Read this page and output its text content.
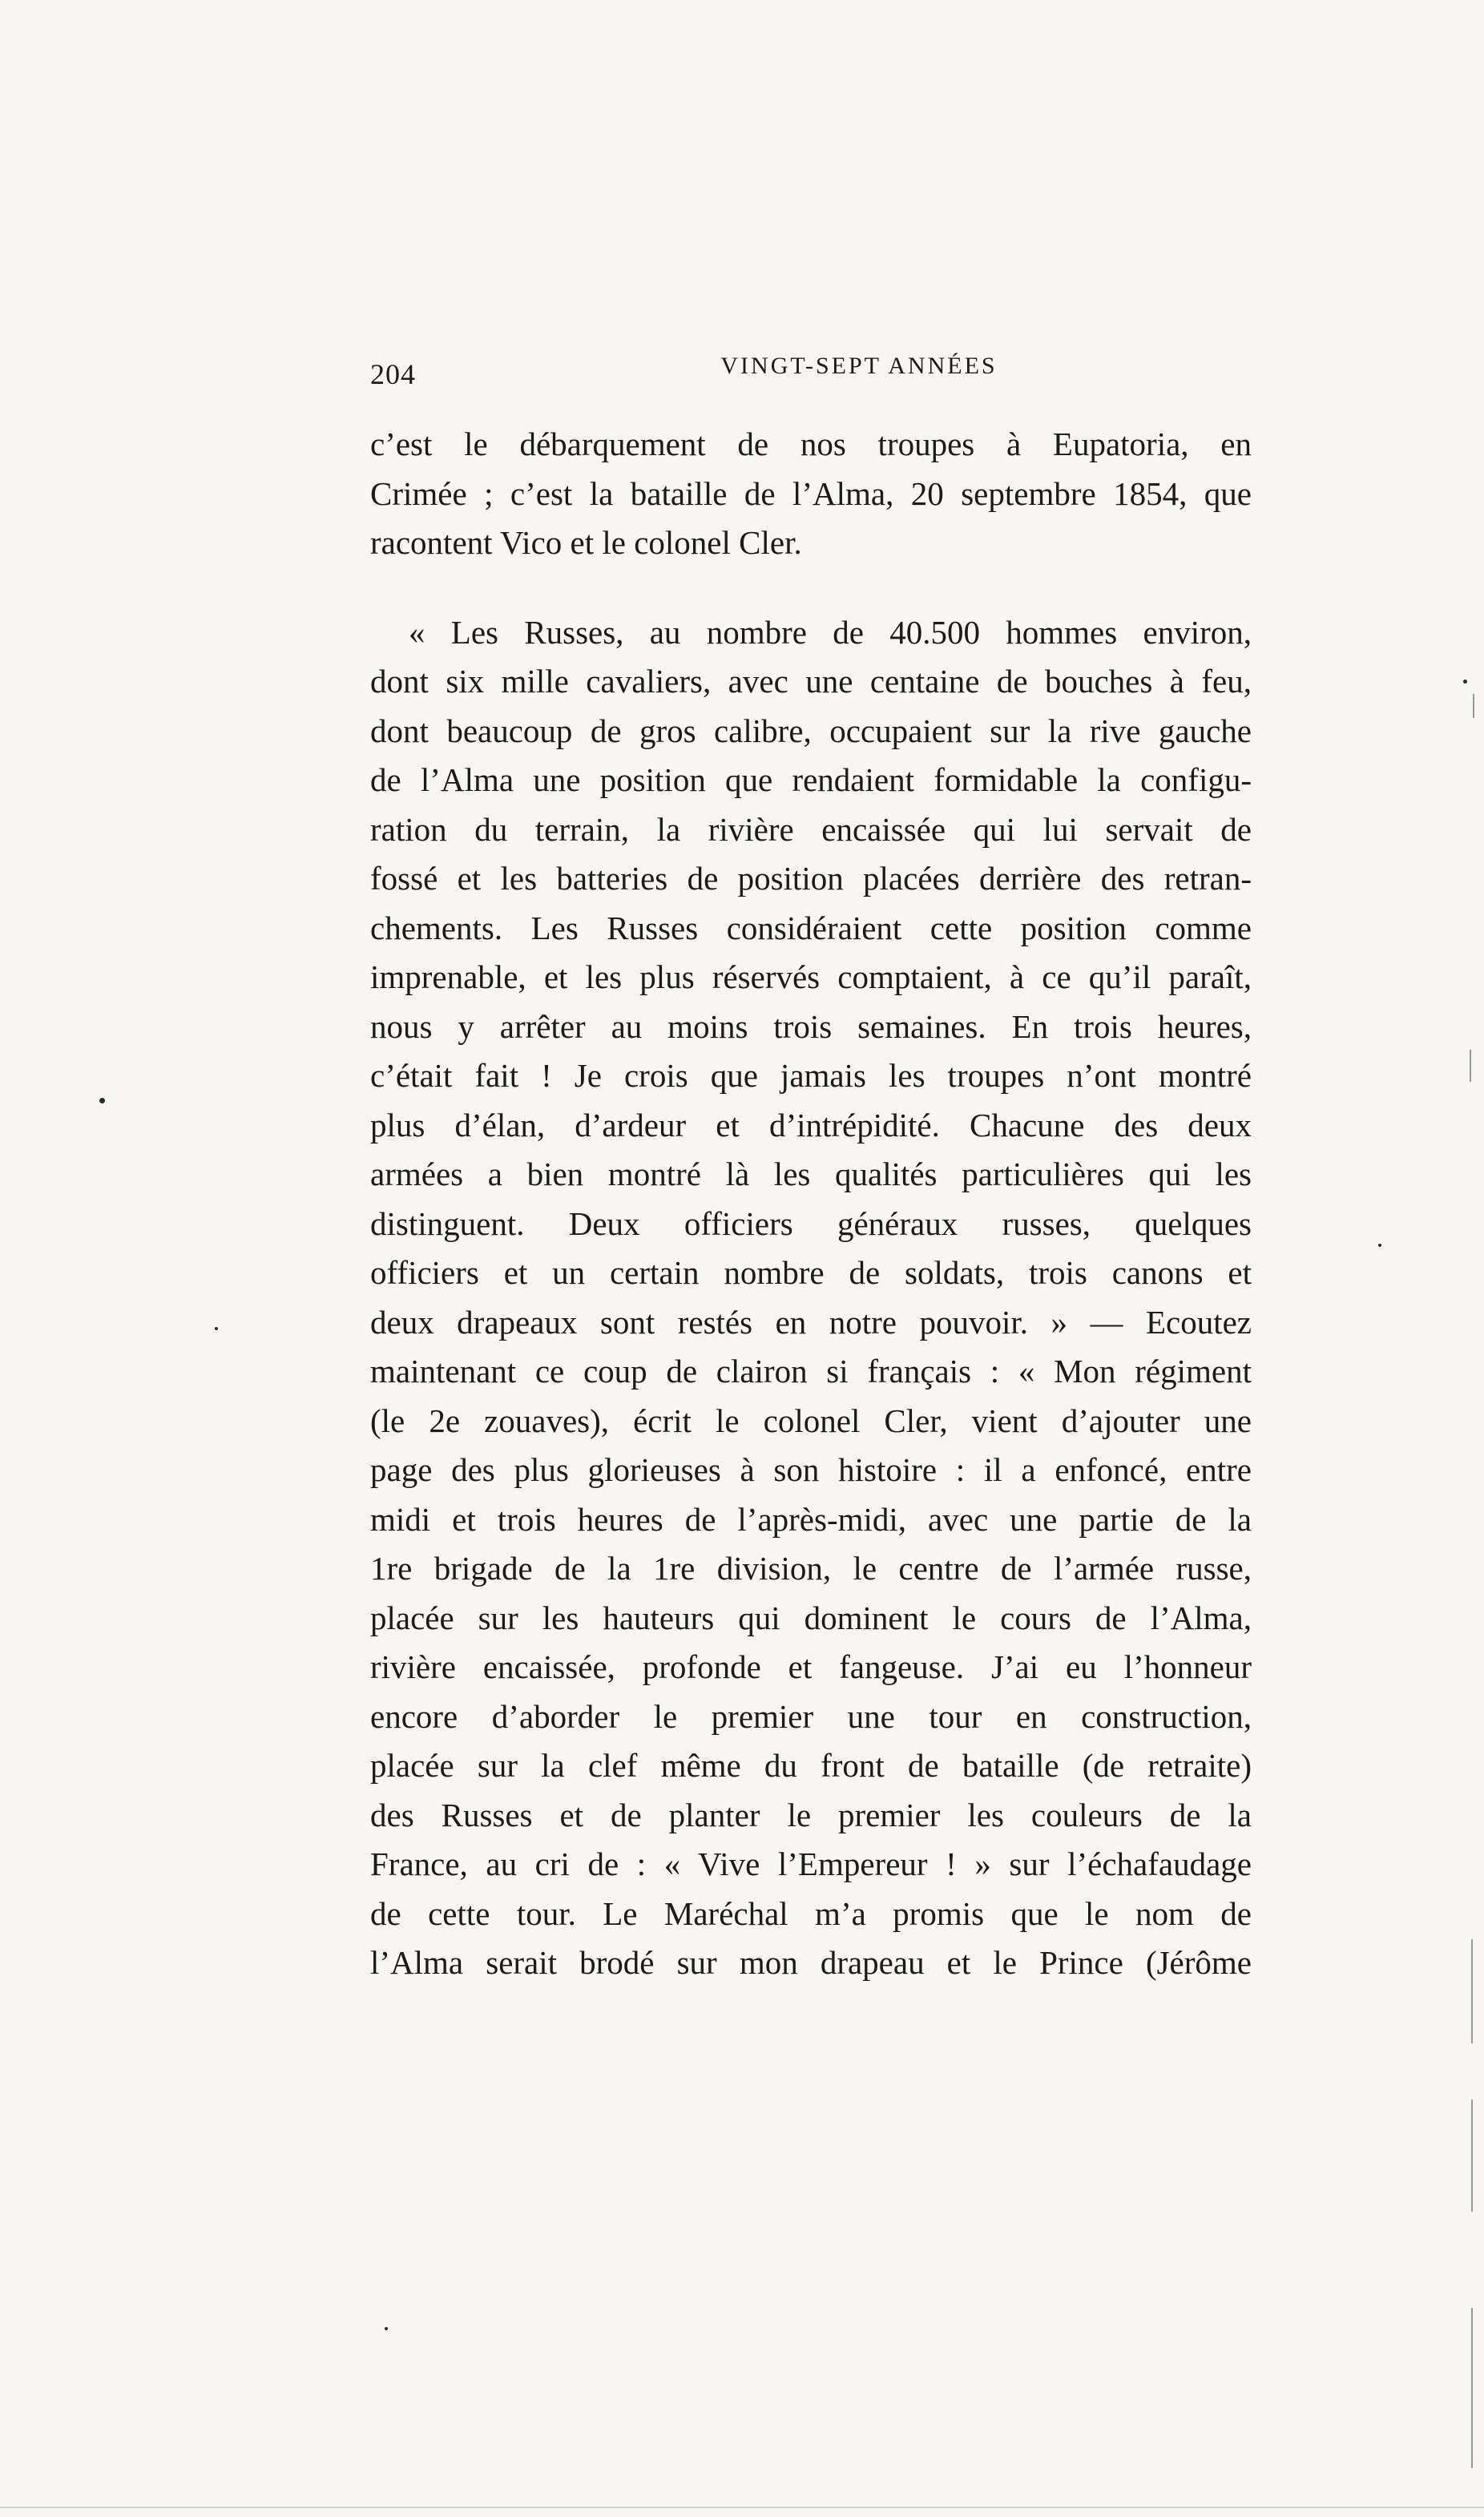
204	VINGT-SEPT ANNÉES
c’est le débarquement de nos troupes à Eupatoria, en
Crimée ; c’est la bataille de l’Alma, 20 septembre 1854, que
racontent Vico et le colonel Cler.
« Les Russes, au nombre de 40.500 hommes environ,
dont six mille cavaliers, avec une centaine de bouches à feu,
dont beaucoup de gros calibre, occupaient sur la rive gauche
de l’Alma une position que rendaient formidable la configu-
ration du terrain, la rivière encaissée qui lui servait de
fossé et les batteries de position placées derrière des retran-
chements. Les Russes considéraient cette position comme
imprenable, et les plus réservés comptaient, à ce qu’il paraît,
nous y arrêter au moins trois semaines. En trois heures,
c’était fait ! Je crois que jamais les troupes n’ont montré
plus d’élan, d’ardeur et d’intrépidité. Chacune des deux
armées a bien montré là les qualités particulières qui les
distinguent. Deux officiers généraux russes, quelques
officiers et un certain nombre de soldats, trois canons et
deux drapeaux sont restés en notre pouvoir. » — Ecoutez
maintenant ce coup de clairon si français : « Mon régiment
(le 2e zouaves), écrit le colonel Cler, vient d’ajouter une
page des plus glorieuses à son histoire : il a enfoncé, entre
midi et trois heures de l’après-midi, avec une partie de la
1re brigade de la 1re division, le centre de l’armée russe,
placée sur les hauteurs qui dominent le cours de l’Alma,
rivière encaissée, profonde et fangeuse. J’ai eu l’honneur
encore d’aborder le premier une tour en construction,
placée sur la clef même du front de bataille (de retraite)
des Russes et de planter le premier les couleurs de la
France, au cri de : « Vive l’Empereur ! » sur l’échafaudage
de cette tour. Le Maréchal m’a promis que le nom de
l’Alma serait brodé sur mon drapeau et le Prince (Jérôme
